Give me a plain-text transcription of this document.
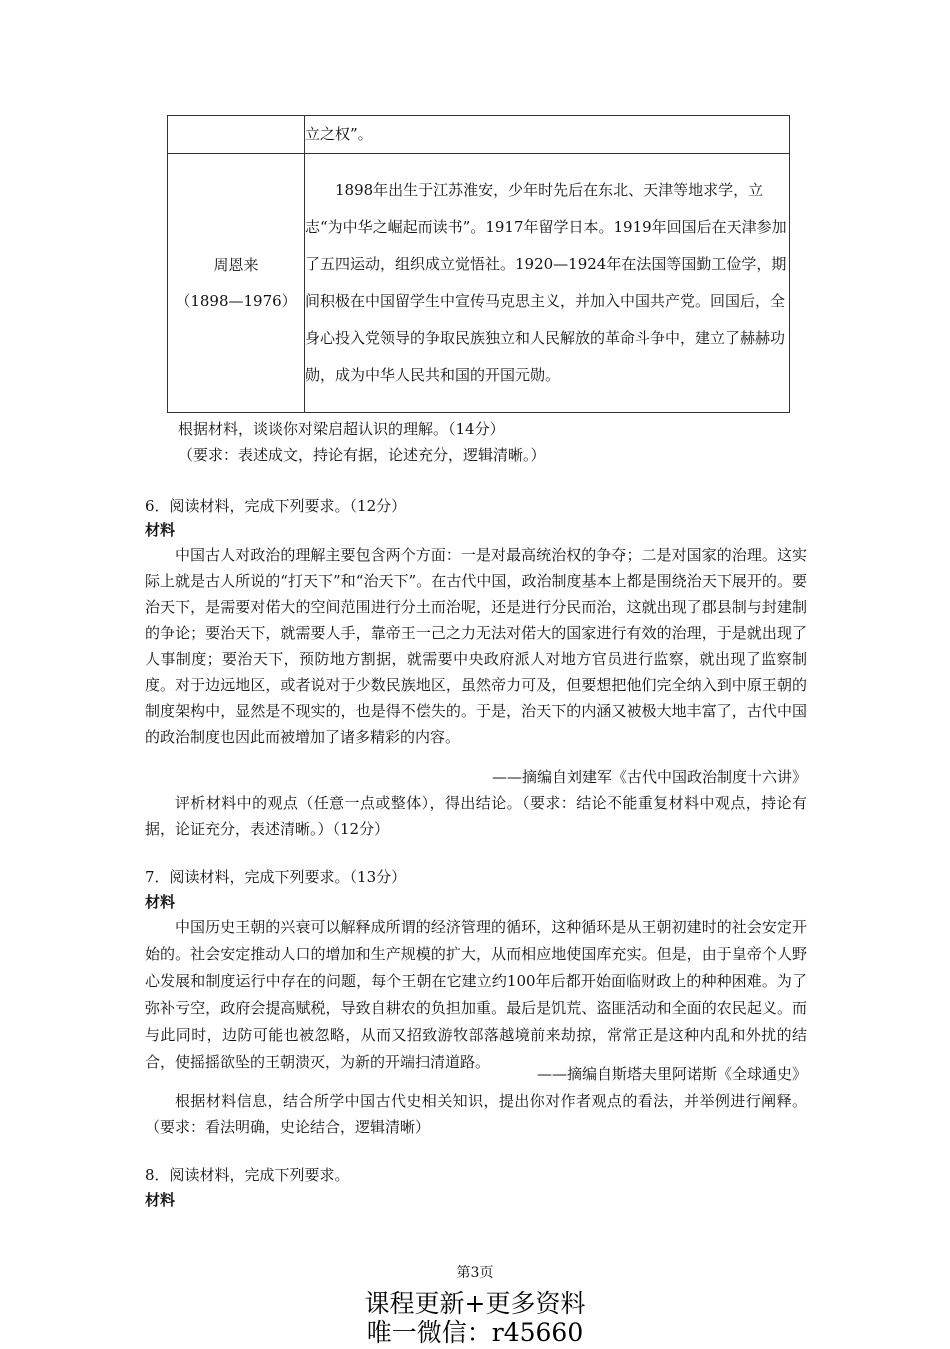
	立之权”。

周恩来
（1898—1976）	1898年出生于江苏淮安，少年时先后在东北、天津等地求学，立志“为中华之崛起而读书”。1917年留学日本。1919年回国后在天津参加了五四运动，组织成立觉悟社。1920—1924年在法国等国勤工俭学，期间积极在中国留学生中宣传马克思主义，并加入中国共产党。回国后，全身心投入党领导的争取民族独立和人民解放的革命斗争中，建立了赫赫功勋，成为中华人民共和国的开国元勋。
根据材料，谈谈你对梁启超认识的理解。（14分）
（要求：表述成文，持论有据，论述充分，逻辑清晰。）
6．阅读材料，完成下列要求。（12分）
材料
中国古人对政治的理解主要包含两个方面：一是对最高统治权的争夺；二是对国家的治理。这实际上就是古人所说的“打天下”和“治天下”。在古代中国，政治制度基本上都是围绕治天下展开的。要治天下，是需要对偌大的空间范围进行分土而治呢，还是进行分民而治，这就出现了郡县制与封建制的争论；要治天下，就需要人手，靠帝王一己之力无法对偌大的国家进行有效的治理，于是就出现了人事制度；要治天下，预防地方割据，就需要中央政府派人对地方官员进行监察，就出现了监察制度。对于边远地区，或者说对于少数民族地区，虽然帝力可及，但要想把他们完全纳入到中原王朝的制度架构中，显然是不现实的，也是得不偿失的。于是，治天下的内涵又被极大地丰富了，古代中国的政治制度也因此而被增加了诸多精彩的内容。
——摘编自刘建军《古代中国政治制度十六讲》
评析材料中的观点（任意一点或整体），得出结论。（要求：结论不能重复材料中观点，持论有据，论证充分，表述清晰。）（12分）
7．阅读材料，完成下列要求。（13分）
材料
中国历史王朝的兴衰可以解释成所谓的经济管理的循环，这种循环是从王朝初建时的社会安定开始的。社会安定推动人口的增加和生产规模的扩大，从而相应地使国库充实。但是，由于皇帝个人野心发展和制度运行中存在的问题，每个王朝在它建立约100年后都开始面临财政上的种种困难。为了弥补亏空，政府会提高赋税，导致自耕农的负担加重。最后是饥荒、盗匪活动和全面的农民起义。而与此同时，边防可能也被忽略，从而又招致游牧部落越境前来劫掠，常常正是这种内乱和外扰的结合，使摇摇欲坠的王朝溃灭，为新的开端扫清道路。
——摘编自斯塔夫里阿诺斯《全球通史》
根据材料信息，结合所学中国古代史相关知识，提出你对作者观点的看法，并举例进行阐释。（要求：看法明确，史论结合，逻辑清晰）
8．阅读材料，完成下列要求。
材料
第3页
课程更新+更多资料
唯一微信：r45660
